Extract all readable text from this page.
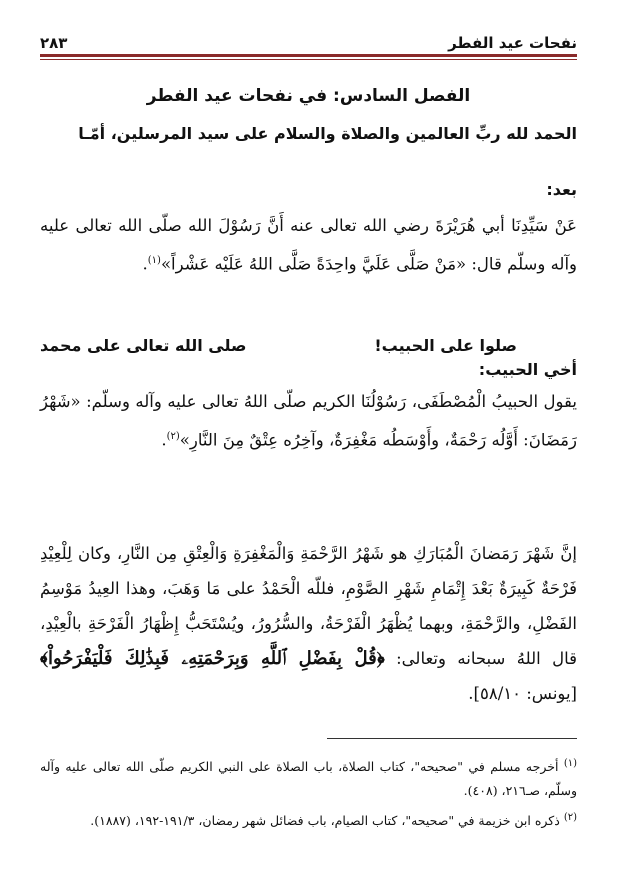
نفحات عيد الفطر
٢٨٣
الفصل السادس: في نفحات عيد الفطر
الحمد لله ربِّ العالمين والصلاة والسلام على سيد المرسلين، أمّـا
بعد:
عَنْ سَيِّدِنَا أبي هُرَيْرَةَ رضي الله تعالى عنه أَنَّ رَسُوْلَ الله صلّى الله تعالى عليه وآله وسلّم قال: «مَنْ صَلَّى عَلَيَّ واحِدَةً صَلَّى اللهُ عَلَيْه عَشْراً»$^{(١)}$.
صلوا على الحبيب!
صلى الله تعالى على محمد
أخي الحبيب:
يقول الحبيبُ الْمُصْطَفَى، رَسُوْلُنَا الكريم صلّى اللهُ تعالى عليه وآله وسلّم: «شَهْرُ رَمَضَانَ: أَوَّلُه رَحْمَةٌ، وأَوْسَطُه مَغْفِرَةٌ، وآخِرُه عِتْقٌ مِنَ النَّارِ»$^{(٢)}$.
إنَّ شَهْرَ رَمَضانَ الْمُبَارَكِ هو شَهْرُ الرَّحْمَةِ وَالْمَغْفِرَةِ وَالْعِتْقِ مِن النَّارِ، وكان لِلْعِيْدِ فَرْحَةٌ كَبِيرَةٌ بَعْدَ إِتْمَامِ شَهْرِ الصَّوْمِ، فللّه الْحَمْدُ على مَا وَهَبَ، وهذا العِيدُ مَوْسِمُ الفَضْلِ، والرَّحْمَةِ، وبهما يُظْهَرُ الْفَرْحَةُ، والسُّرُورُ، ويُسْتَحَبُّ إِظْهَارُ الْفَرْحَةِ بالْعِيْدِ، قال اللهُ سبحانه وتعالى: ﴿قُلْ بِفَضْلِ ٱللَّهِ وَبِرَحْمَتِهِۦ فَبِذَٰلِكَ فَلْيَفْرَحُواْ﴾ [يونس: ٥٨/١٠].
$^{(١)}$ أخرجه مسلم في "صحيحه"، كتاب الصلاة، باب الصلاة على النبي الكريم صلّى الله تعالى عليه وآله وسلّم، صـ٢١٦، (٤٠٨).
$^{(٢)}$ ذكره ابن خزيمة في "صحيحه"، كتاب الصيام، باب فضائل شهر رمضان، ١٩١/٣-١٩٢، (١٨٨٧).
